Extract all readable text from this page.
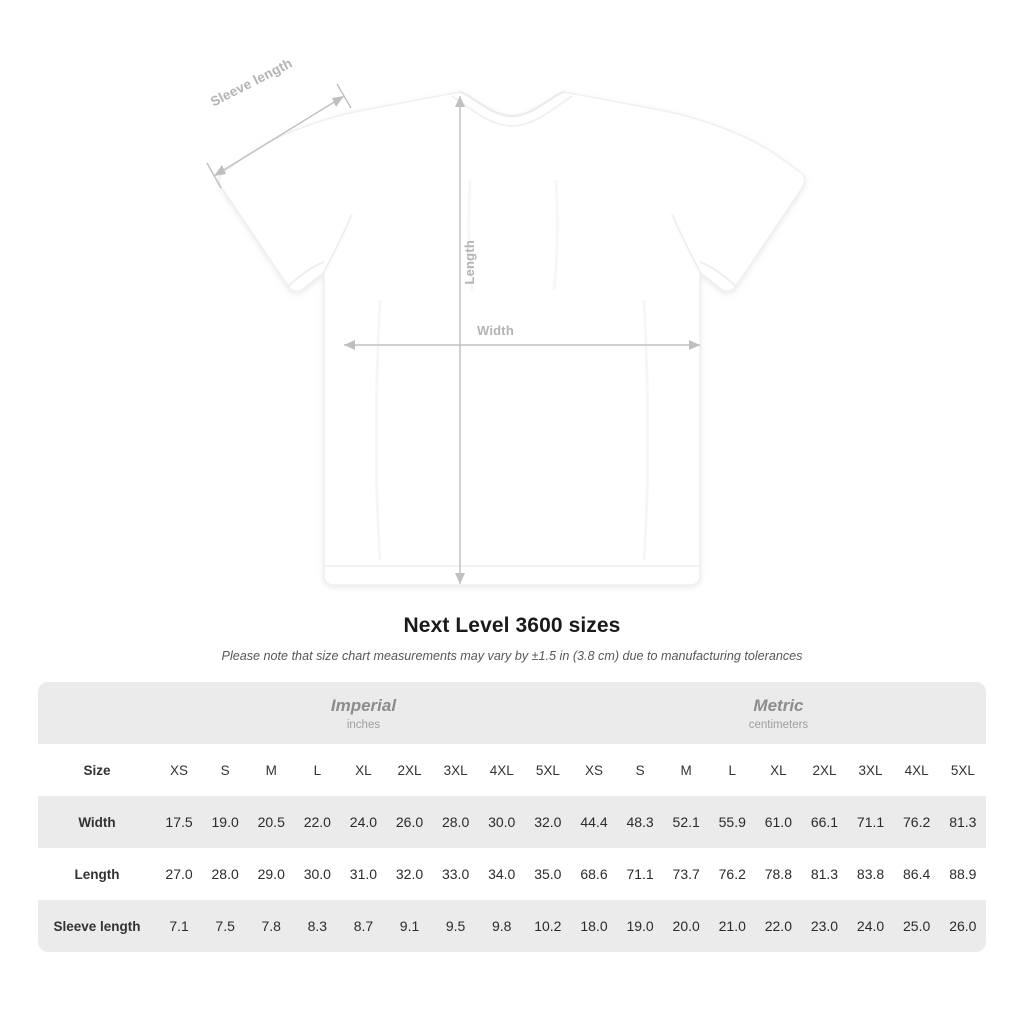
Sleeve length
Width
Length
Next Level 3600 sizes
Please note that size chart measurements may vary by ±1.5 in (3.8 cm) due to manufacturing tolerances

Imperial
inches

Metric
centimeters

Size	XS	S	M	L	XL	2XL	3XL	4XL	5XL	XS	S	M	L	XL	2XL	3XL	4XL	5XL
Width	17.5	19.0	20.5	22.0	24.0	26.0	28.0	30.0	32.0	44.4	48.3	52.1	55.9	61.0	66.1	71.1	76.2	81.3
Length	27.0	28.0	29.0	30.0	31.0	32.0	33.0	34.0	35.0	68.6	71.1	73.7	76.2	78.8	81.3	83.8	86.4	88.9
Sleeve length	7.1	7.5	7.8	8.3	8.7	9.1	9.5	9.8	10.2	18.0	19.0	20.0	21.0	22.0	23.0	24.0	25.0	26.0
